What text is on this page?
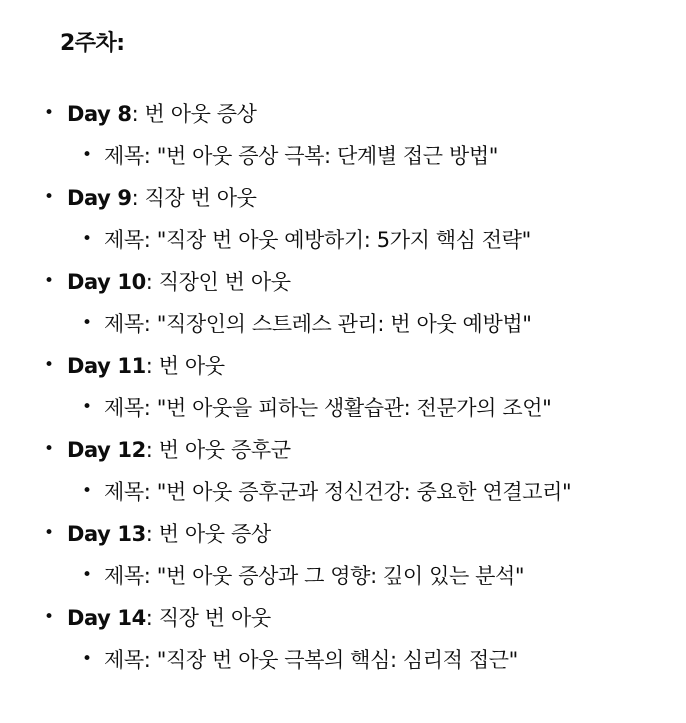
2주차:
• Day 8: 번 아웃 증상
• 제목: "번 아웃 증상 극복: 단계별 접근 방법"
• Day 9: 직장 번 아웃
• 제목: "직장 번 아웃 예방하기: 5가지 핵심 전략"
• Day 10: 직장인 번 아웃
• 제목: "직장인의 스트레스 관리: 번 아웃 예방법"
• Day 11: 번 아웃
• 제목: "번 아웃을 피하는 생활습관: 전문가의 조언"
• Day 12: 번 아웃 증후군
• 제목: "번 아웃 증후군과 정신건강: 중요한 연결고리"
• Day 13: 번 아웃 증상
• 제목: "번 아웃 증상과 그 영향: 깊이 있는 분석"
• Day 14: 직장 번 아웃
• 제목: "직장 번 아웃 극복의 핵심: 심리적 접근"
